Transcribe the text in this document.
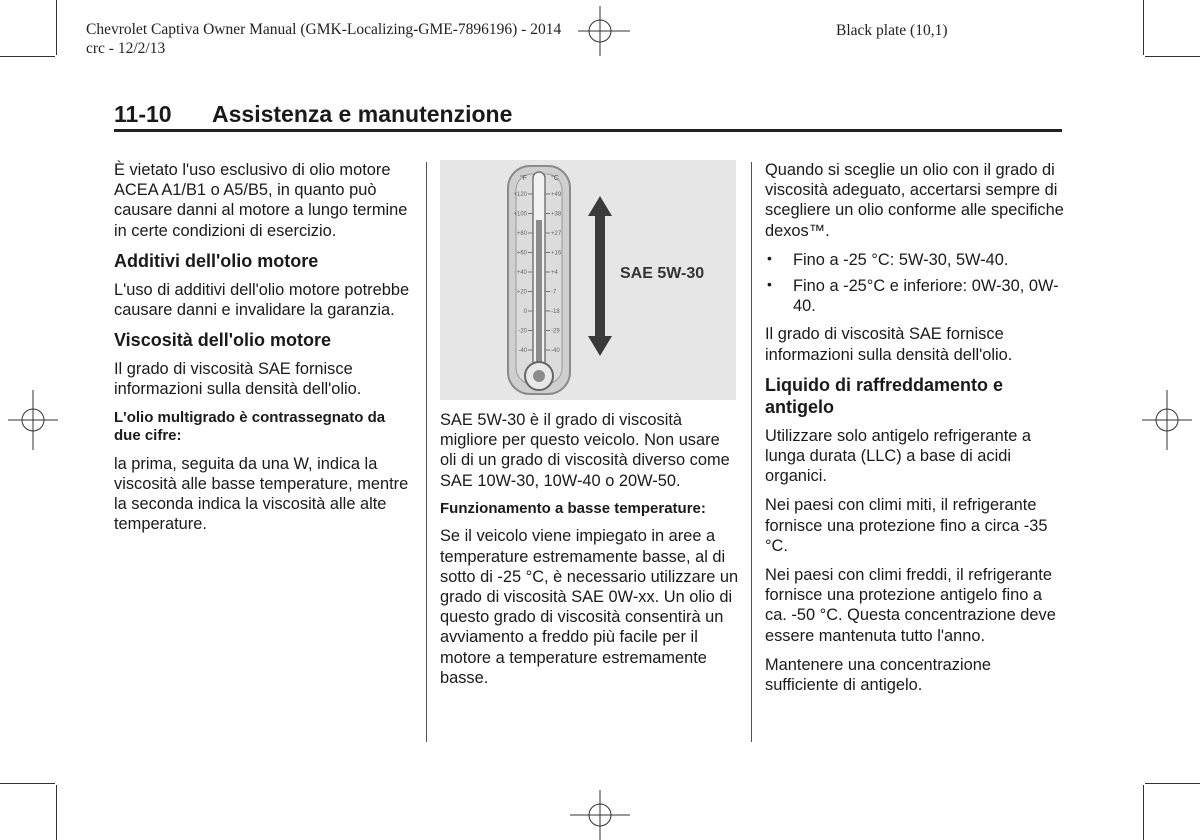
Chevrolet Captiva Owner Manual (GMK-Localizing-GME-7896196) - 2014
crc - 12/2/13
Black plate (10,1)
11-10 Assistenza e manutenzione

È vietato l'uso esclusivo di olio motore ACEA A1/B1 o A5/B5, in quanto può causare danni al motore a lungo termine in certe condizioni di esercizio.

Additivi dell'olio motore

L'uso di additivi dell'olio motore potrebbe causare danni e invalidare la garanzia.

Viscosità dell'olio motore

Il grado di viscosità SAE fornisce informazioni sulla densità dell'olio.

L'olio multigrado è contrassegnato da due cifre:

la prima, seguita da una W, indica la viscosità alle basse temperature, mentre la seconda indica la viscosità alle alte temperature.

+120	+49
+100	+38
+80	+27
+60	+16
+40	+4
+20	-7
0	-18
-20	-29
-40	-40
SAE 5W-30
°F	°C

SAE 5W-30 è il grado di viscosità migliore per questo veicolo. Non usare oli di un grado di viscosità diverso come SAE 10W-30, 10W-40 o 20W-50.

Funzionamento a basse temperature:

Se il veicolo viene impiegato in aree a temperature estremamente basse, al di sotto di -25 °C, è necessario utilizzare un grado di viscosità SAE 0W-xx. Un olio di questo grado di viscosità consentirà un avviamento a freddo più facile per il motore a temperature estremamente basse.

Quando si sceglie un olio con il grado di viscosità adeguato, accertarsi sempre di scegliere un olio conforme alle specifiche dexos™.

• Fino a -25 °C: 5W-30, 5W-40.
• Fino a -25°C e inferiore: 0W-30, 0W-40.

Il grado di viscosità SAE fornisce informazioni sulla densità dell'olio.

Liquido di raffreddamento e antigelo

Utilizzare solo antigelo refrigerante a lunga durata (LLC) a base di acidi organici.

Nei paesi con climi miti, il refrigerante fornisce una protezione fino a circa -35 °C.

Nei paesi con climi freddi, il refrigerante fornisce una protezione antigelo fino a ca. -50 °C. Questa concentrazione deve essere mantenuta tutto l'anno.

Mantenere una concentrazione sufficiente di antigelo.
